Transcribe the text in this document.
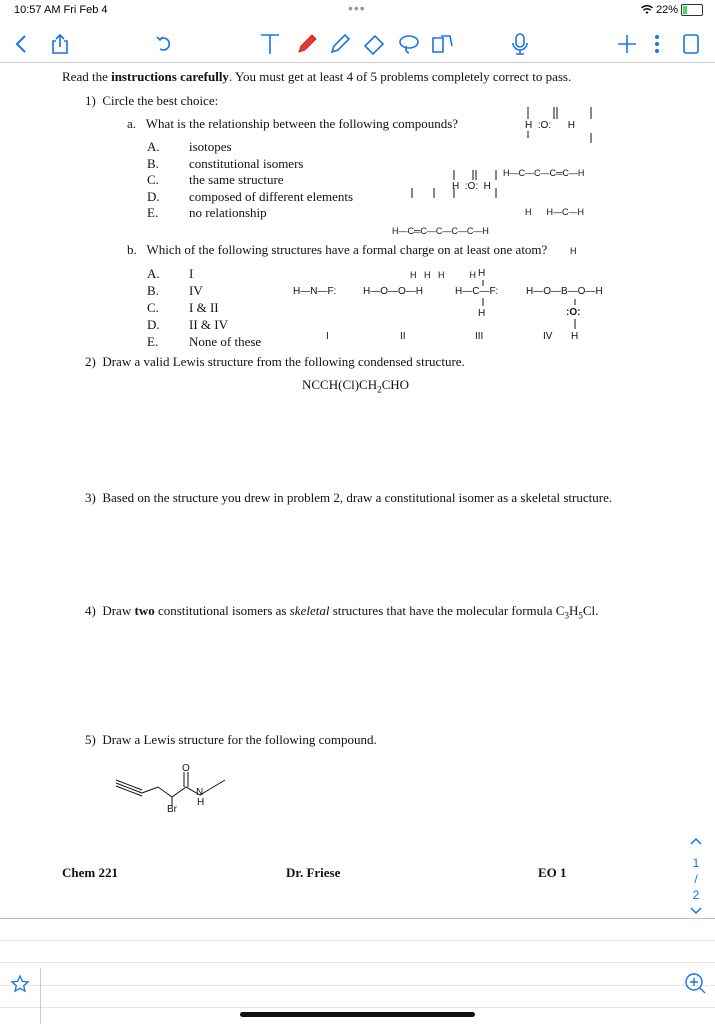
10:57 AM Fri Feb 4	•••	22%
Read the instructions carefully. You must get at least 4 of 5 problems completely correct to pass.
1) Circle the best choice:
a. What is the relationship between the following compounds?
A. isotopes
B. constitutional isomers
C. the same structure
D. composed of different elements
E. no relationship

H  :O:      H

H—C—C—C═C—H

H      H—C—H

H

H  :O:  H

H—C═C—C—C—C—H

H   H   H          H

b. Which of the following structures have a formal charge on at least one atom?
A. I
B. IV
C. I & II
D. II & IV
E. None of these
H—N—F:	H—O—O—H
H
H—C—F:
H
H—O—B—O—H
:O:
H
I	II	III	IV
2) Draw a valid Lewis structure from the following condensed structure.
$NCCH(Cl)CH_2CHO$
3) Based on the structure you drew in problem 2, draw a constitutional isomer as a skeletal structure.
4) Draw two constitutional isomers as skeletal structures that have the molecular formula $C_3H_5Cl$.
5) Draw a Lewis structure for the following compound.
O
N
H
Br
Chem 221	Dr. Friese	EO 1
1
/
2
